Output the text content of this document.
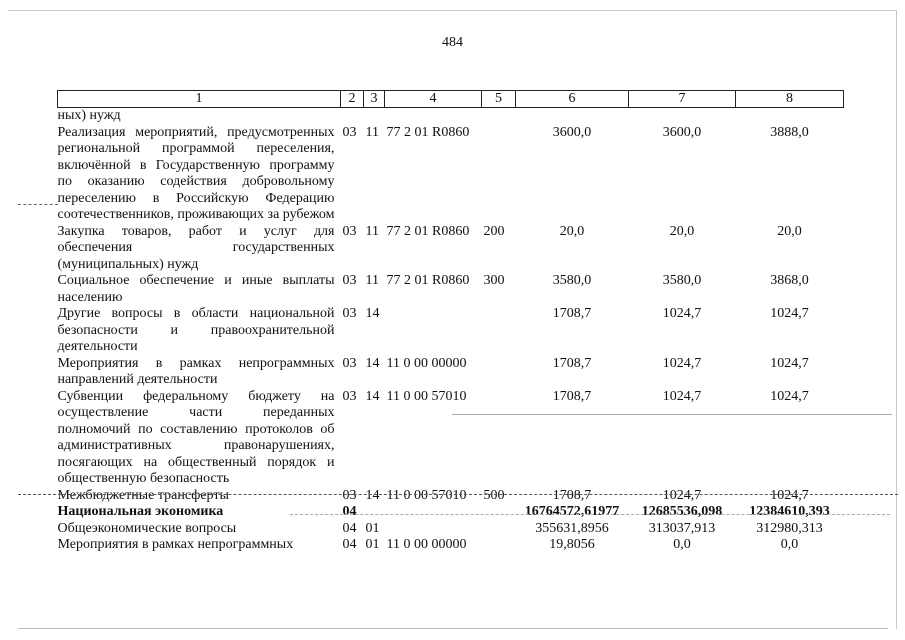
484
1	2	3	4	5	6	7	8
ных) нужд							
Реализация мероприятий, предусмотренных региональной программой переселения, включённой в Государственную программу по оказанию содействия добровольному переселению в Российскую Федерацию соотечественников, проживающих за рубежом	03	11	77 2 01 R0860		3600,0	3600,0	3888,0
Закупка товаров, работ и услуг для обеспечения государственных (муниципальных) нужд	03	11	77 2 01 R0860	200	20,0	20,0	20,0
Социальное обеспечение и иные выплаты населению	03	11	77 2 01 R0860	300	3580,0	3580,0	3868,0
Другие вопросы в области национальной безопасности и правоохранительной деятельности	03	14			1708,7	1024,7	1024,7
Мероприятия в рамках непрограммных направлений деятельности	03	14	11 0 00 00000		1708,7	1024,7	1024,7
Субвенции федеральному бюджету на осуществление части переданных полномочий по составлению протоколов об административных правонарушениях, посягающих на общественный порядок и общественную безопасность	03	14	11 0 00 57010		1708,7	1024,7	1024,7
Межбюджетные трансферты	03	14	11 0 00 57010	500	1708,7	1024,7	1024,7
Национальная экономика	04				16764572,61977	12685536,098	12384610,393
Общеэкономические вопросы	04	01			355631,8956	313037,913	312980,313
Мероприятия в рамках непрограммных	04	01	11 0 00 00000		19,8056	0,0	0,0
